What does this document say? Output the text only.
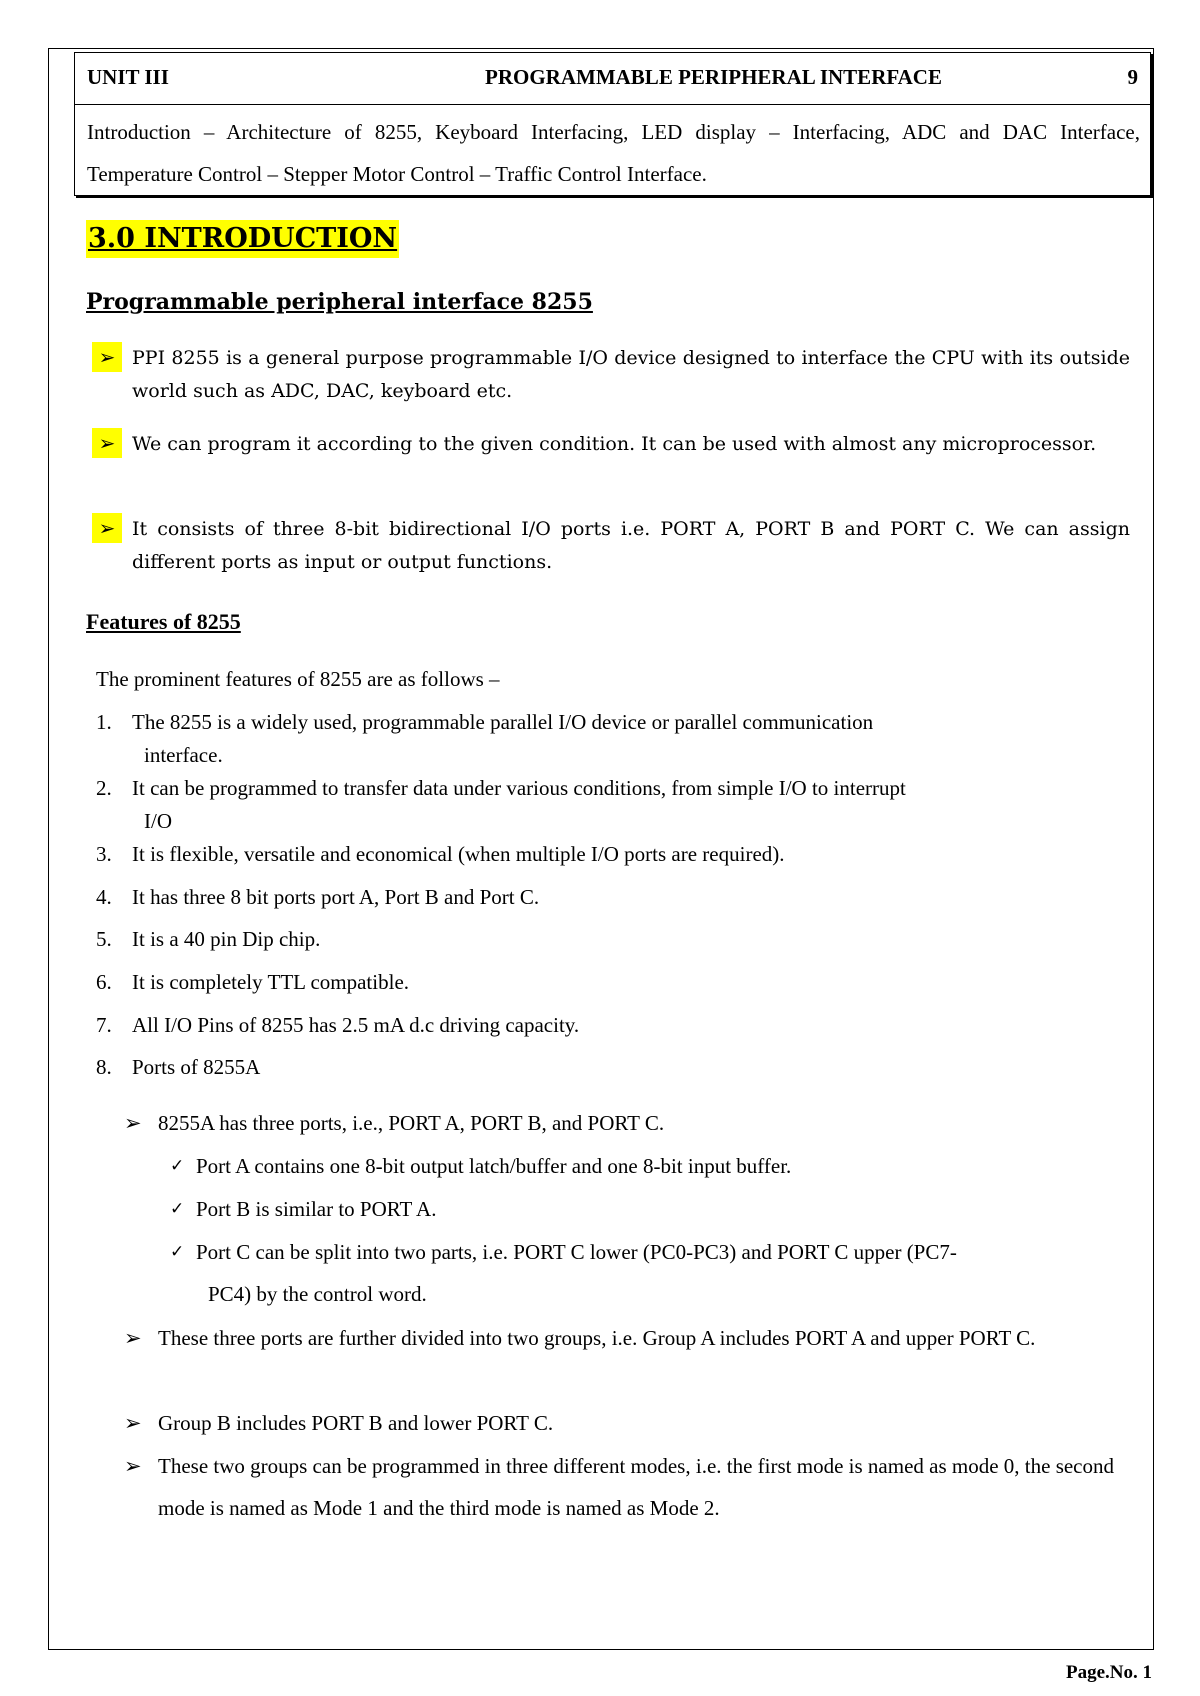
UNIT III	PROGRAMMABLE PERIPHERAL INTERFACE	9
Introduction – Architecture of 8255, Keyboard Interfacing, LED display – Interfacing, ADC and DAC Interface, Temperature Control – Stepper Motor Control – Traffic Control Interface.
3.0 INTRODUCTION
Programmable peripheral interface 8255
➢ PPI 8255 is a general purpose programmable I/O device designed to interface the CPU with its outside world such as ADC, DAC, keyboard etc.
➢ We can program it according to the given condition. It can be used with almost any microprocessor.
➢ It consists of three 8-bit bidirectional I/O ports i.e. PORT A, PORT B and PORT C. We can assign different ports as input or output functions.
Features of 8255
The prominent features of 8255 are as follows –
1. The 8255 is a widely used, programmable parallel I/O device or parallel communication
interface.
2. It can be programmed to transfer data under various conditions, from simple I/O to interrupt
I/O
3. It is flexible, versatile and economical (when multiple I/O ports are required).
4. It has three 8 bit ports port A, Port B and Port C.
5. It is a 40 pin Dip chip.
6. It is completely TTL compatible.
7. All I/O Pins of 8255 has 2.5 mA d.c driving capacity.
8. Ports of 8255A
➢ 8255A has three ports, i.e., PORT A, PORT B, and PORT C.
✓ Port A contains one 8-bit output latch/buffer and one 8-bit input buffer.
✓ Port B is similar to PORT A.
✓ Port C can be split into two parts, i.e. PORT C lower (PC0-PC3) and PORT C upper (PC7-
PC4) by the control word.
➢ These three ports are further divided into two groups, i.e. Group A includes PORT A and upper PORT C.
➢ Group B includes PORT B and lower PORT C.
➢ These two groups can be programmed in three different modes, i.e. the first mode is named as mode 0, the second mode is named as Mode 1 and the third mode is named as Mode 2.
Page.No. 1
